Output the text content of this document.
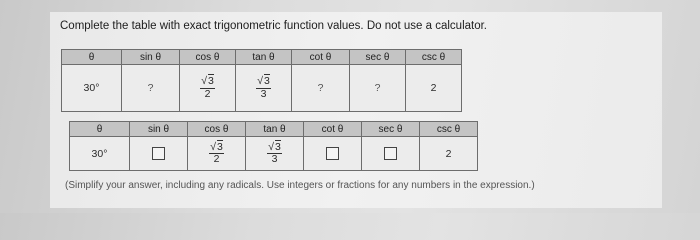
Complete the table with exact trigonometric function values. Do not use a calculator.
θ	sin θ	cos θ	tan θ	cot θ	sec θ	csc θ
30°	?	$\frac{√3}{2}$	$\frac{√3}{3}$	?	?	2
θ	sin θ	cos θ	tan θ	cot θ	sec θ	csc θ
30°		$\frac{√3}{2}$	$\frac{√3}{3}$			2
(Simplify your answer, including any radicals. Use integers or fractions for any numbers in the expression.)
